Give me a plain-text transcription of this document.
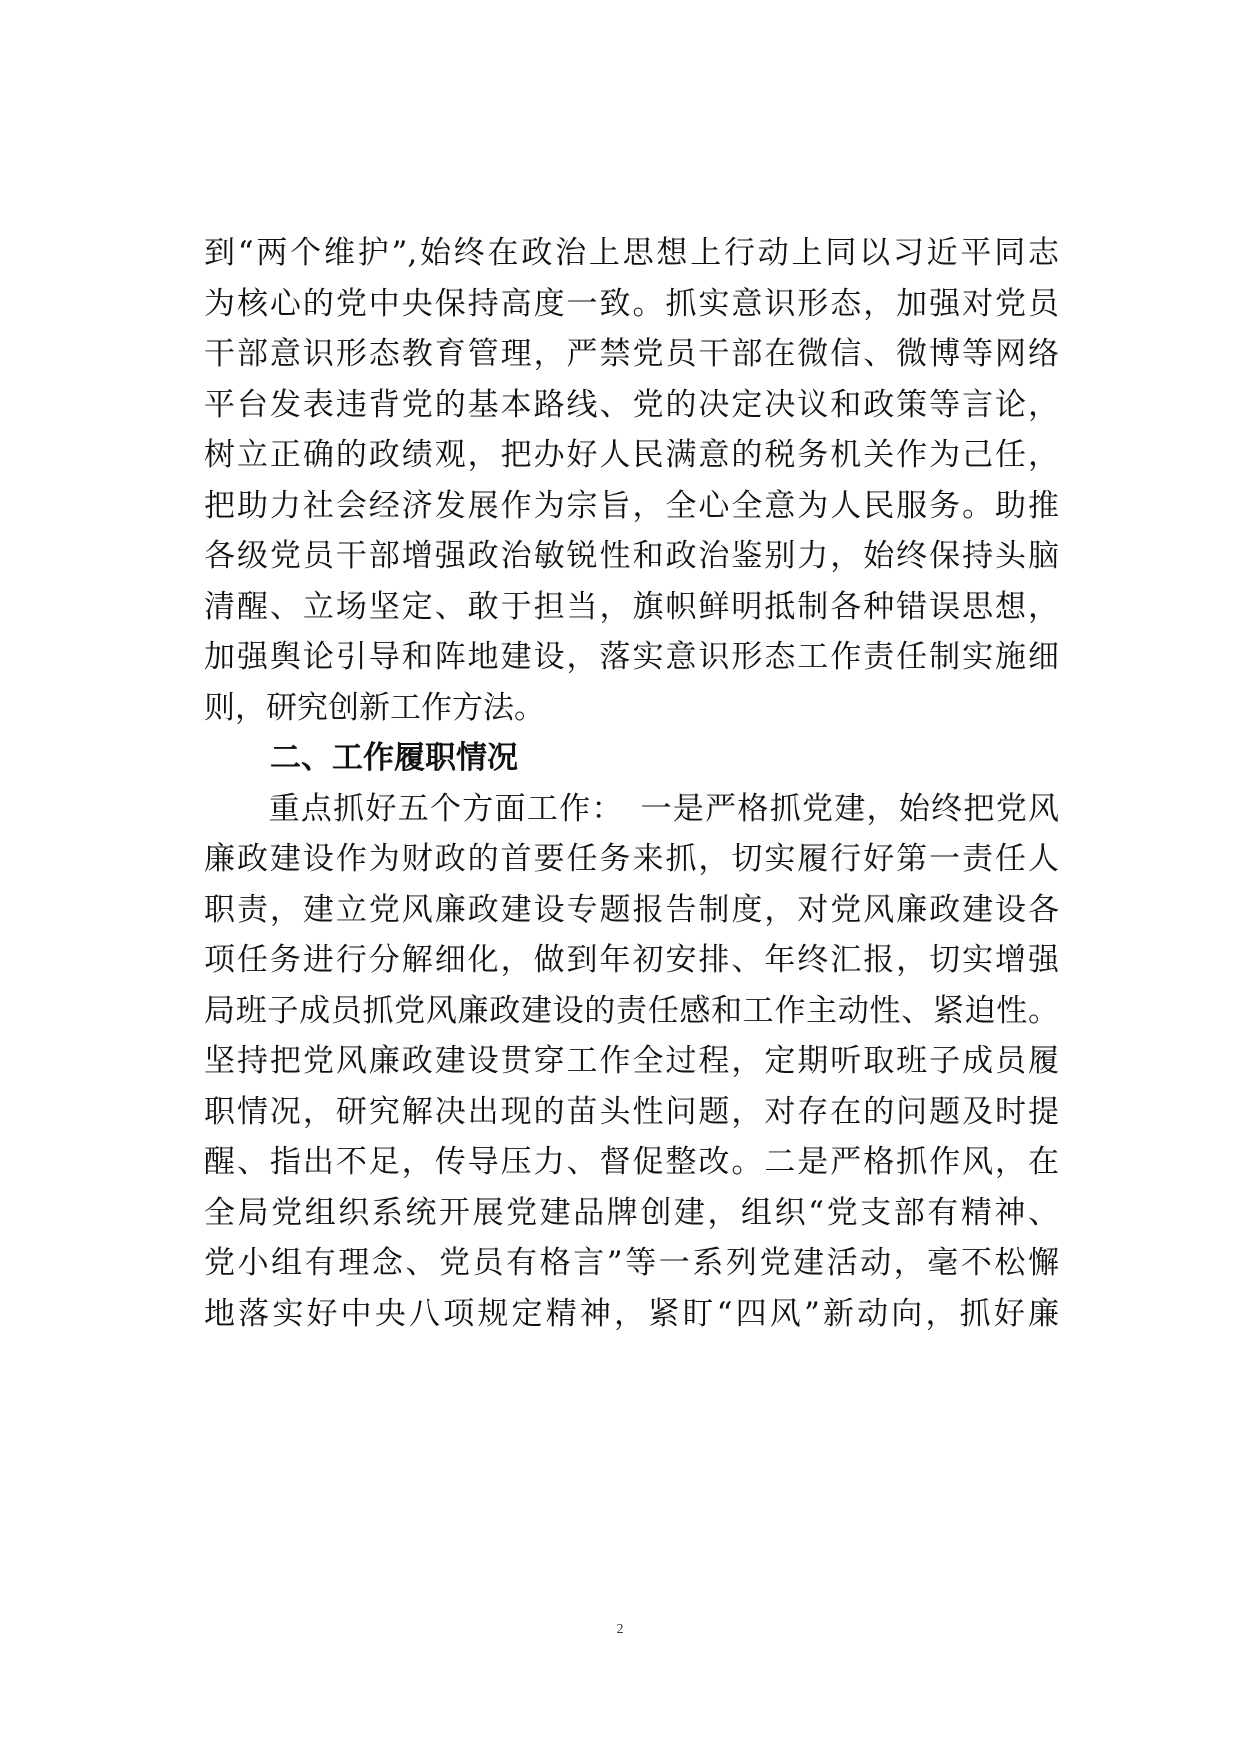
到“两个维护”,始终在政治上思想上行动上同以习近平同志
为核心的党中央保持高度一致。抓实意识形态，加强对党员
干部意识形态教育管理，严禁党员干部在微信、微博等网络
平台发表违背党的基本路线、党的决定决议和政策等言论，
树立正确的政绩观，把办好人民满意的税务机关作为己任，
把助力社会经济发展作为宗旨，全心全意为人民服务。助推
各级党员干部增强政治敏锐性和政治鉴别力，始终保持头脑
清醒、立场坚定、敢于担当，旗帜鲜明抵制各种错误思想，
加强舆论引导和阵地建设，落实意识形态工作责任制实施细
则，研究创新工作方法。
二、工作履职情况
　　重点抓好五个方面工作：　一是严格抓党建，始终把党风
廉政建设作为财政的首要任务来抓，切实履行好第一责任人
职责，建立党风廉政建设专题报告制度，对党风廉政建设各
项任务进行分解细化，做到年初安排、年终汇报，切实增强
局班子成员抓党风廉政建设的责任感和工作主动性、紧迫性。
坚持把党风廉政建设贯穿工作全过程，定期听取班子成员履
职情况，研究解决出现的苗头性问题，对存在的问题及时提
醒、指出不足，传导压力、督促整改。二是严格抓作风，在
全局党组织系统开展党建品牌创建，组织“党支部有精神、
党小组有理念、党员有格言”等一系列党建活动，毫不松懈
地落实好中央八项规定精神，紧盯“四风”新动向，抓好廉
2
